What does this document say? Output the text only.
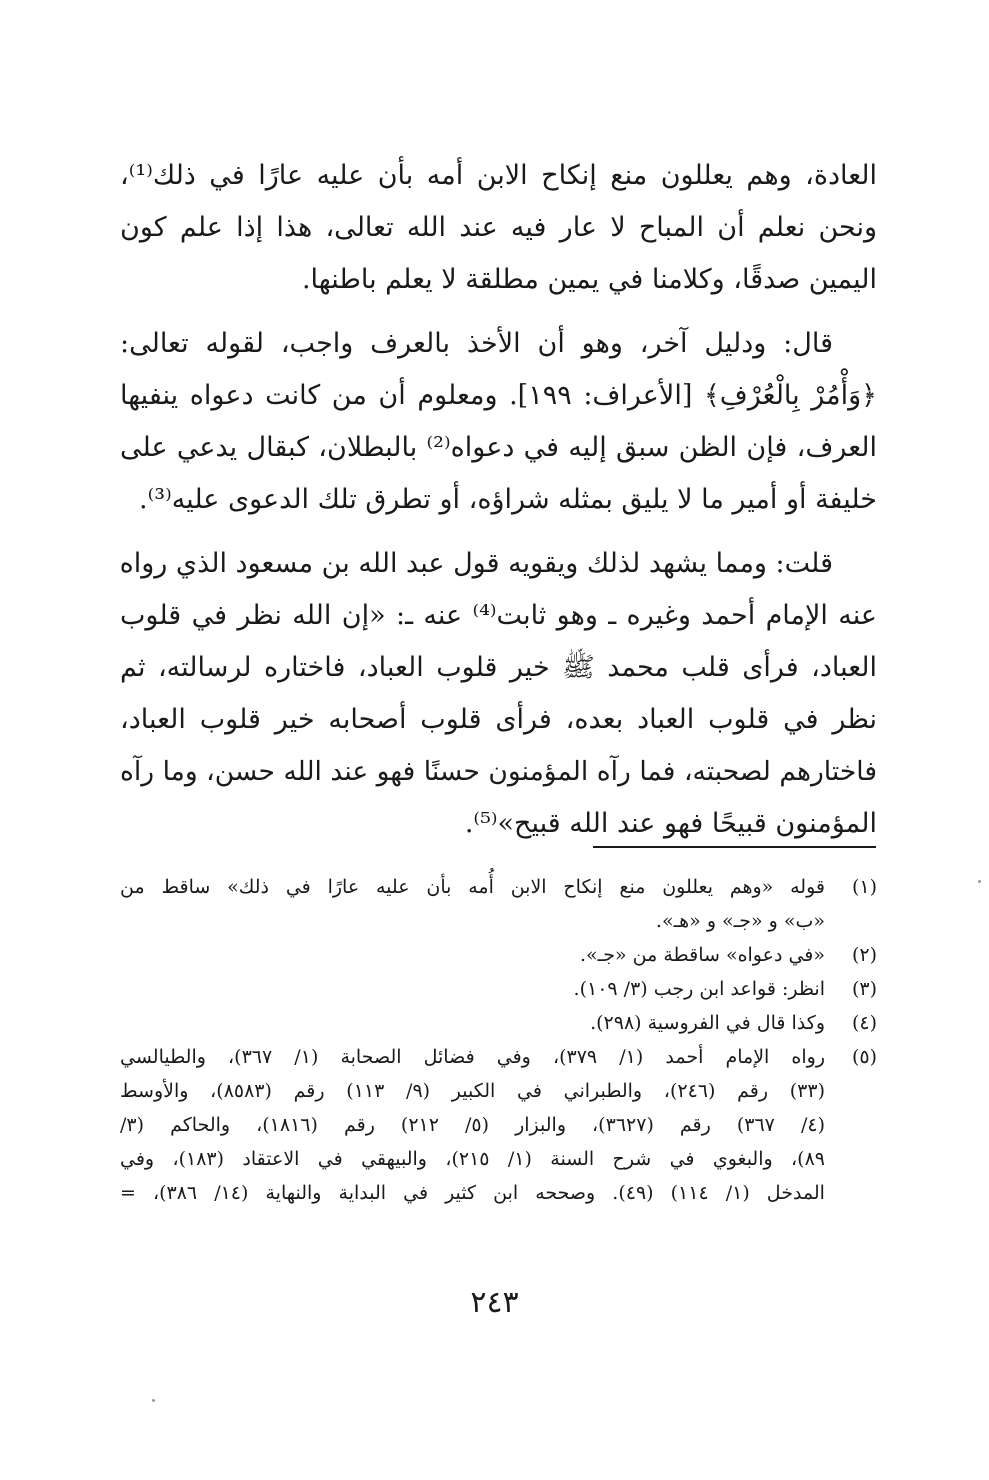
العادة، وهم يعللون منع إنكاح الابن أمه بأن عليه عارًا في ذلك⁽¹⁾،
ونحن نعلم أن المباح لا عار فيه عند الله تعالى، هذا إذا علم كون
اليمين صدقًا، وكلامنا في يمين مطلقة لا يعلم باطنها.

قال: ودليل آخر، وهو أن الأخذ بالعرف واجب، لقوله تعالى:
﴿وَأْمُرْ بِالْعُرْفِ﴾ [الأعراف: ١٩٩]. ومعلوم أن من كانت دعواه ينفيها
العرف، فإن الظن سبق إليه في دعواه⁽²⁾ بالبطلان، كبقال يدعي على
خليفة أو أمير ما لا يليق بمثله شراؤه، أو تطرق تلك الدعوى عليه⁽³⁾.

قلت: ومما يشهد لذلك ويقويه قول عبد الله بن مسعود الذي رواه
عنه الإمام أحمد وغيره ـ وهو ثابت⁽⁴⁾ عنه ـ: «إن الله نظر في قلوب
العباد، فرأى قلب محمد ﷺ خير قلوب العباد، فاختاره لرسالته، ثم
نظر في قلوب العباد بعده، فرأى قلوب أصحابه خير قلوب العباد،
فاختارهم لصحبته، فما رآه المؤمنون حسنًا فهو عند الله حسن، وما رآه
المؤمنون قبيحًا فهو عند الله قبيح»⁽⁵⁾.

(١)
قوله «وهم يعللون منع إنكاح الابن أُمه بأن عليه عارًا في ذلك» ساقط من
«ب» و «جـ» و «هـ».
(٢)
«في دعواه» ساقطة من «جـ».
(٣)
انظر: قواعد ابن رجب (٣/ ١٠٩).
(٤)
وكذا قال في الفروسية (٢٩٨).
(٥)
رواه الإمام أحمد (١/ ٣٧٩)، وفي فضائل الصحابة (١/ ٣٦٧)، والطيالسي
(٣٣) رقم (٢٤٦)، والطبراني في الكبير (٩/ ١١٣) رقم (٨٥٨٣)، والأوسط
(٤/ ٣٦٧) رقم (٣٦٢٧)، والبزار (٥/ ٢١٢) رقم (١٨١٦)، والحاكم (٣/
٨٩)، والبغوي في شرح السنة (١/ ٢١٥)، والبيهقي في الاعتقاد (١٨٣)، وفي
المدخل (١/ ١١٤) (٤٩). وصححه ابن كثير في البداية والنهاية (١٤/ ٣٨٦)، =
٢٤٣
